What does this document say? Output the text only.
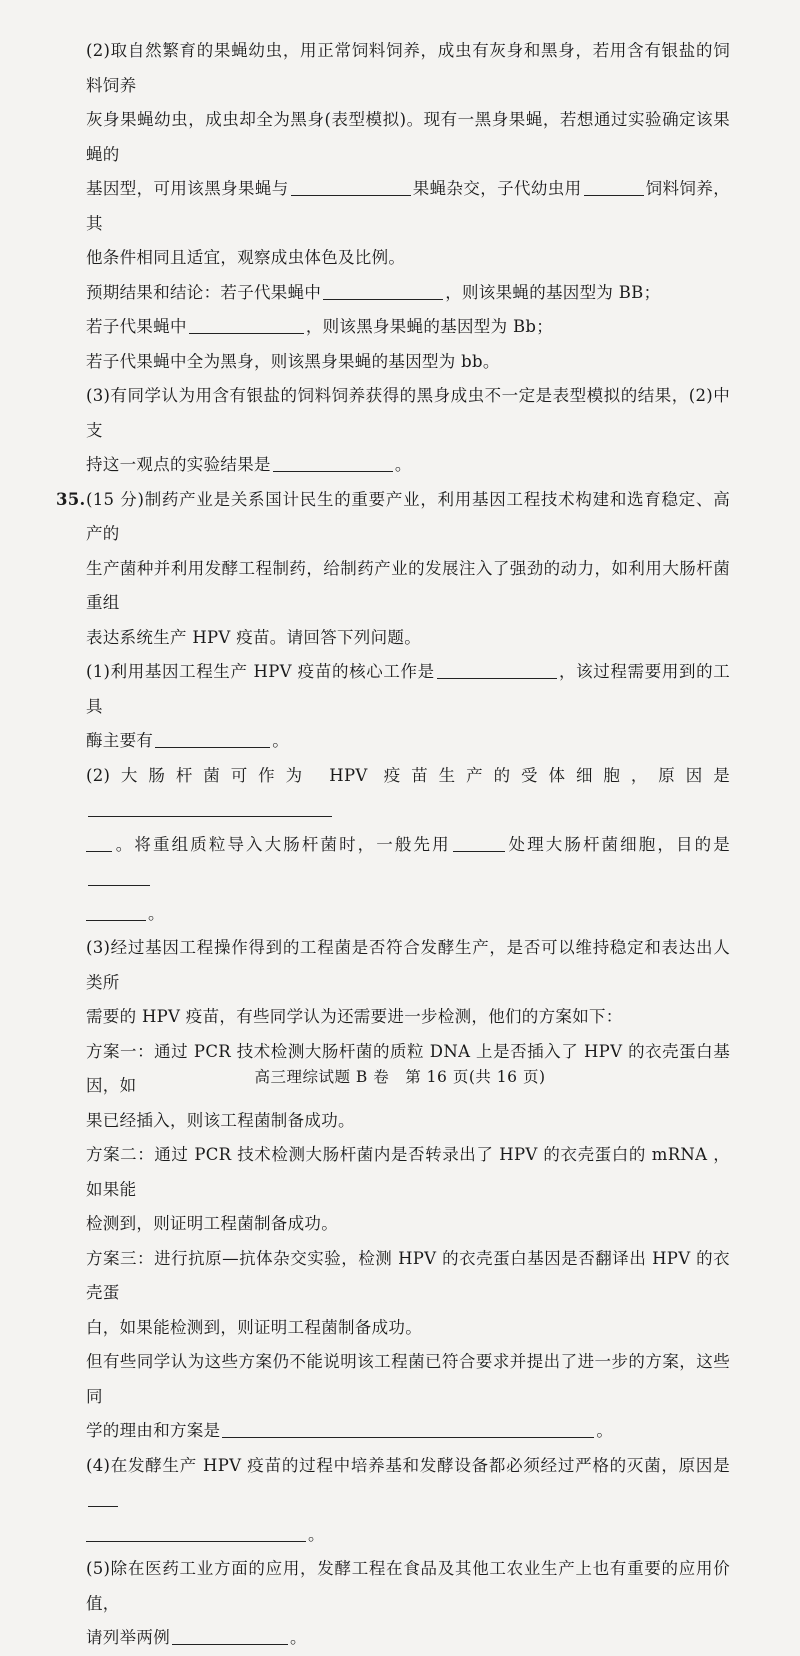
(2)取自然繁育的果蝇幼虫，用正常饲料饲养，成虫有灰身和黑身，若用含有银盐的饲料饲养
灰身果蝇幼虫，成虫却全为黑身(表型模拟)。现有一黑身果蝇，若想通过实验确定该果蝇的
基因型，可用该黑身果蝇与	果蝇杂交，子代幼虫用	饲料饲养，其
他条件相同且适宜，观察成虫体色及比例。
预期结果和结论：若子代果蝇中	，则该果蝇的基因型为 BB；
若子代果蝇中	，则该黑身果蝇的基因型为 Bb；
若子代果蝇中全为黑身，则该黑身果蝇的基因型为 bb。

(3)有同学认为用含有银盐的饲料饲养获得的黑身成虫不一定是表型模拟的结果，(2)中支
持这一观点的实验结果是	。

35. (15 分)制药产业是关系国计民生的重要产业，利用基因工程技术构建和选育稳定、高产的
生产菌种并利用发酵工程制药，给制药产业的发展注入了强劲的动力，如利用大肠杆菌重组
表达系统生产 HPV 疫苗。请回答下列问题。

(1)利用基因工程生产 HPV 疫苗的核心工作是	，该过程需要用到的工具
酶主要有	。

(2)大肠杆菌可作为 HPV 疫苗生产的受体细胞，原因是
。将重组质粒导入大肠杆菌时，一般先用	处理大肠杆菌细胞，目的是
。

(3)经过基因工程操作得到的工程菌是否符合发酵生产，是否可以维持稳定和表达出人类所
需要的 HPV 疫苗，有些同学认为还需要进一步检测，他们的方案如下：
方案一：通过 PCR 技术检测大肠杆菌的质粒 DNA 上是否插入了 HPV 的衣壳蛋白基因，如
果已经插入，则该工程菌制备成功。
方案二：通过 PCR 技术检测大肠杆菌内是否转录出了 HPV 的衣壳蛋白的 mRNA ，如果能
检测到，则证明工程菌制备成功。
方案三：进行抗原—抗体杂交实验，检测 HPV 的衣壳蛋白基因是否翻译出 HPV 的衣壳蛋
白，如果能检测到，则证明工程菌制备成功。
但有些同学认为这些方案仍不能说明该工程菌已符合要求并提出了进一步的方案，这些同
学的理由和方案是	。

(4)在发酵生产 HPV 疫苗的过程中培养基和发酵设备都必须经过严格的灭菌，原因是
。

(5)除在医药工业方面的应用，发酵工程在食品及其他工农业生产上也有重要的应用价值，
请列举两例	。

高三理综试题 B 卷　第 16 页(共 16 页)
